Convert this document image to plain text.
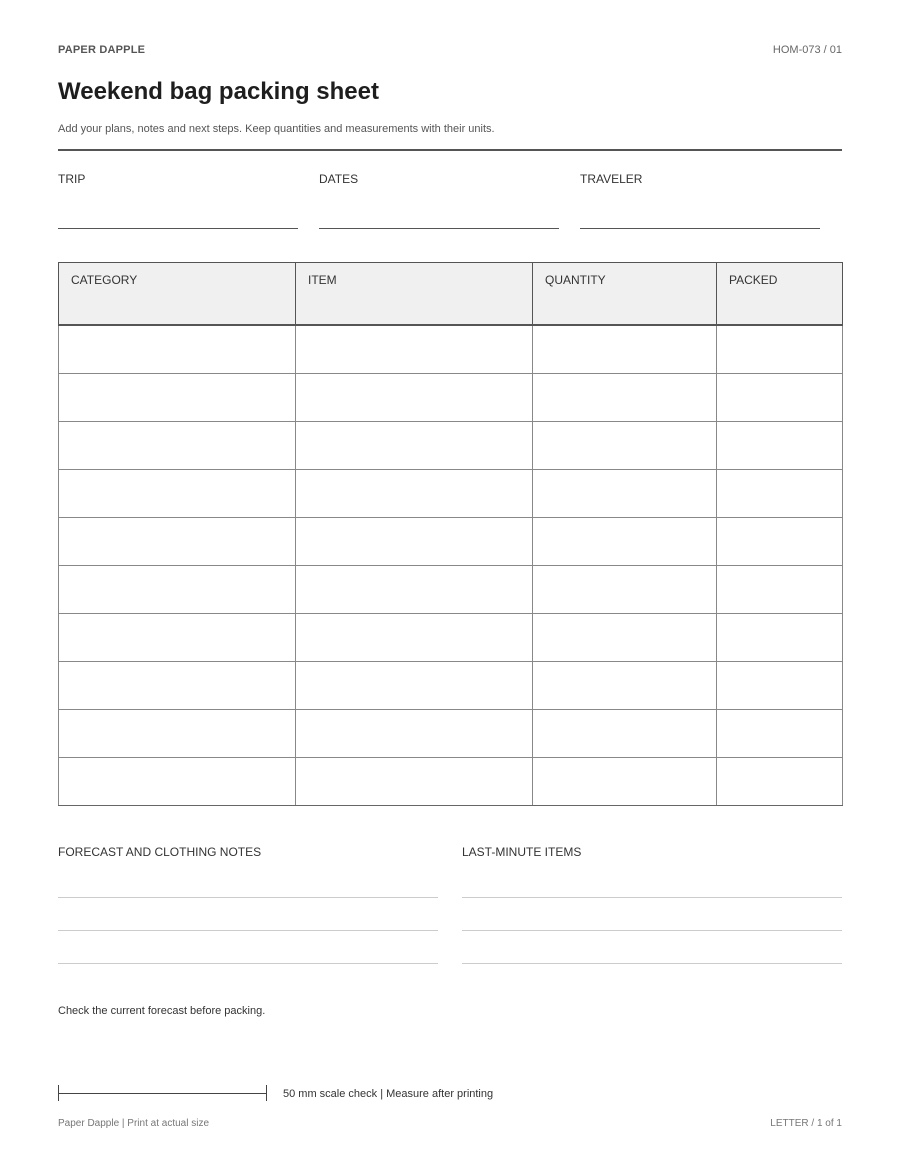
PAPER DAPPLE	HOM-073 / 01
Weekend bag packing sheet
Add your plans, notes and next steps. Keep quantities and measurements with their units.
TRIP	DATES	TRAVELER
CATEGORY	ITEM	QUANTITY	PACKED

FORECAST AND CLOTHING NOTES	LAST-MINUTE ITEMS
Check the current forecast before packing.
50 mm scale check | Measure after printing
Paper Dapple | Print at actual size	LETTER / 1 of 1
